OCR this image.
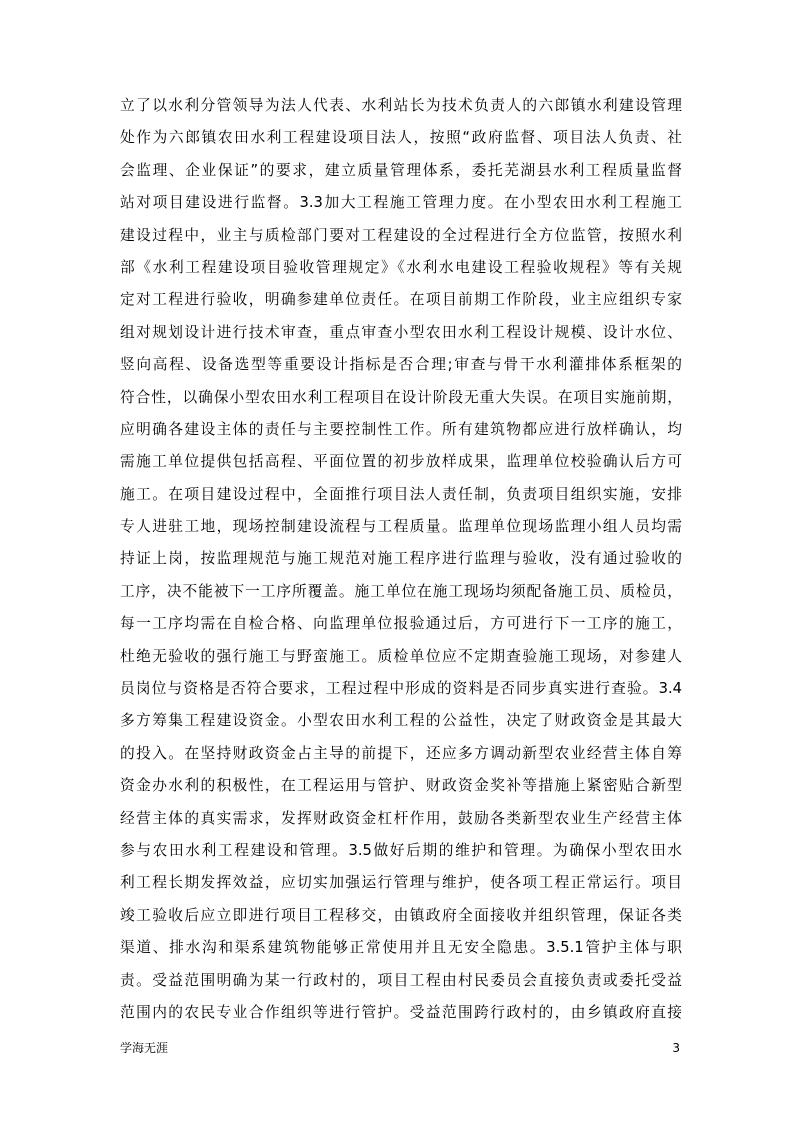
立了以水利分管领导为法人代表、水利站长为技术负责人的六郎镇水利建设管理
处作为六郎镇农田水利工程建设项目法人，按照“政府监督、项目法人负责、社
会监理、企业保证”的要求，建立质量管理体系，委托芜湖县水利工程质量监督
站对项目建设进行监督。3.3加大工程施工管理力度。在小型农田水利工程施工
建设过程中，业主与质检部门要对工程建设的全过程进行全方位监管，按照水利
部《水利工程建设项目验收管理规定》《水利水电建设工程验收规程》等有关规
定对工程进行验收，明确参建单位责任。在项目前期工作阶段，业主应组织专家
组对规划设计进行技术审查，重点审查小型农田水利工程设计规模、设计水位、
竖向高程、设备选型等重要设计指标是否合理;审查与骨干水利灌排体系框架的
符合性，以确保小型农田水利工程项目在设计阶段无重大失误。在项目实施前期，
应明确各建设主体的责任与主要控制性工作。所有建筑物都应进行放样确认，均
需施工单位提供包括高程、平面位置的初步放样成果，监理单位校验确认后方可
施工。在项目建设过程中，全面推行项目法人责任制，负责项目组织实施，安排
专人进驻工地，现场控制建设流程与工程质量。监理单位现场监理小组人员均需
持证上岗，按监理规范与施工规范对施工程序进行监理与验收，没有通过验收的
工序，决不能被下一工序所覆盖。施工单位在施工现场均须配备施工员、质检员，
每一工序均需在自检合格、向监理单位报验通过后，方可进行下一工序的施工，
杜绝无验收的强行施工与野蛮施工。质检单位应不定期查验施工现场，对参建人
员岗位与资格是否符合要求，工程过程中形成的资料是否同步真实进行查验。3.4
多方筹集工程建设资金。小型农田水利工程的公益性，决定了财政资金是其最大
的投入。在坚持财政资金占主导的前提下，还应多方调动新型农业经营主体自筹
资金办水利的积极性，在工程运用与管护、财政资金奖补等措施上紧密贴合新型
经营主体的真实需求，发挥财政资金杠杆作用，鼓励各类新型农业生产经营主体
参与农田水利工程建设和管理。3.5做好后期的维护和管理。为确保小型农田水
利工程长期发挥效益，应切实加强运行管理与维护，使各项工程正常运行。项目
竣工验收后应立即进行项目工程移交，由镇政府全面接收并组织管理，保证各类
渠道、排水沟和渠系建筑物能够正常使用并且无安全隐患。3.5.1管护主体与职
责。受益范围明确为某一行政村的，项目工程由村民委员会直接负责或委托受益
范围内的农民专业合作组织等进行管护。受益范围跨行政村的，由乡镇政府直接
学海无涯	3
